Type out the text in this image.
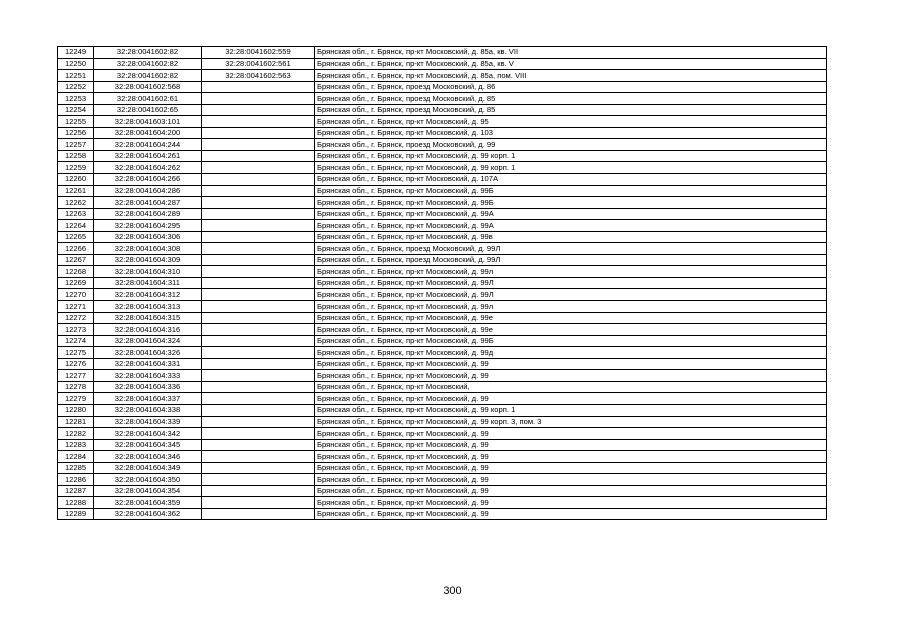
12249	32:28:0041602:82	32:28:0041602:559	Брянская обл., г. Брянск, пр-кт Московский, д. 85а, кв. VII
12250	32:28:0041602:82	32:28:0041602:561	Брянская обл., г. Брянск, пр-кт Московский, д. 85а, кв. V
12251	32:28:0041602:82	32:28:0041602:563	Брянская обл., г. Брянск, пр-кт Московский, д. 85а, пом. VIII
12252	32:28:0041602:568		Брянская обл., г. Брянск, проезд Московский, д. 86
12253	32:28:0041602:61		Брянская обл., г. Брянск, проезд Московский, д. 85
12254	32:28:0041602:65		Брянская обл., г. Брянск, проезд Московский, д. 85
12255	32:28:0041603:101		Брянская обл., г. Брянск, пр-кт Московский, д. 95
12256	32:28:0041604:200		Брянская обл., г. Брянск, пр-кт Московский, д. 103
12257	32:28:0041604:244		Брянская обл., г. Брянск, проезд Московский, д. 99
12258	32:28:0041604:261		Брянская обл., г. Брянск, пр-кт Московский, д. 99 корп. 1
12259	32:28:0041604:262		Брянская обл., г. Брянск, пр-кт Московский, д. 99 корп. 1
12260	32:28:0041604:266		Брянская обл., г. Брянск, пр-кт Московский, д. 107А
12261	32:28:0041604:286		Брянская обл., г. Брянск, пр-кт Московский, д. 99Б
12262	32:28:0041604:287		Брянская обл., г. Брянск, пр-кт Московский, д. 99Б
12263	32:28:0041604:289		Брянская обл., г. Брянск, пр-кт Московский, д. 99А
12264	32:28:0041604:295		Брянская обл., г. Брянск, пр-кт Московский, д. 99А
12265	32:28:0041604:306		Брянская обл., г. Брянск, пр-кт Московский, д. 99в
12266	32:28:0041604:308		Брянская обл., г. Брянск, проезд Московский, д. 99Л
12267	32:28:0041604:309		Брянская обл., г. Брянск, проезд Московский, д. 99Л
12268	32:28:0041604:310		Брянская обл., г. Брянск, пр-кт Московский, д. 99л
12269	32:28:0041604:311		Брянская обл., г. Брянск, пр-кт Московский, д. 99Л
12270	32:28:0041604:312		Брянская обл., г. Брянск, пр-кт Московский, д. 99Л
12271	32:28:0041604:313		Брянская обл., г. Брянск, пр-кт Московский, д. 99л
12272	32:28:0041604:315		Брянская обл., г. Брянск, пр-кт Московский, д. 99е
12273	32:28:0041604:316		Брянская обл., г. Брянск, пр-кт Московский, д. 99е
12274	32:28:0041604:324		Брянская обл., г. Брянск, пр-кт Московский, д. 99Б
12275	32:28:0041604:326		Брянская обл., г. Брянск, пр-кт Московский, д. 99д
12276	32:28:0041604:331		Брянская обл., г. Брянск, пр-кт Московский, д. 99
12277	32:28:0041604:333		Брянская обл., г. Брянск, пр-кт Московский, д. 99
12278	32:28:0041604:336		Брянская обл., г. Брянск, пр-кт Московский,
12279	32:28:0041604:337		Брянская обл., г. Брянск, пр-кт Московский, д. 99
12280	32:28:0041604:338		Брянская обл., г. Брянск, пр-кт Московский, д. 99 корп. 1
12281	32:28:0041604:339		Брянская обл., г. Брянск, пр-кт Московский, д. 99 корп. 3, пом. 3
12282	32:28:0041604:342		Брянская обл., г. Брянск, пр-кт Московский, д. 99
12283	32:28:0041604:345		Брянская обл., г. Брянск, пр-кт Московский, д. 99
12284	32:28:0041604:346		Брянская обл., г. Брянск, пр-кт Московский, д. 99
12285	32:28:0041604:349		Брянская обл., г. Брянск, пр-кт Московский, д. 99
12286	32:28:0041604:350		Брянская обл., г. Брянск, пр-кт Московский, д. 99
12287	32:28:0041604:354		Брянская обл., г. Брянск, пр-кт Московский, д. 99
12288	32:28:0041604:359		Брянская обл., г. Брянск, пр-кт Московский, д. 99
12289	32:28:0041604:362		Брянская обл., г. Брянск, пр-кт Московский, д. 99
300
